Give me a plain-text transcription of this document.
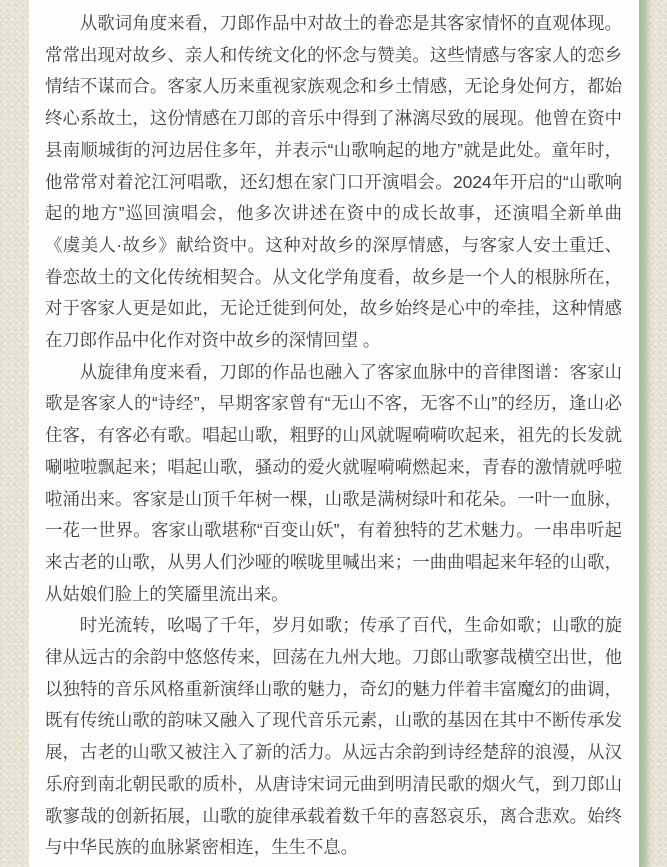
从歌词角度来看，刀郎作品中对故土的眷恋是其客家情怀的直观体现。常常出现对故乡、亲人和传统文化的怀念与赞美。这些情感与客家人的恋乡情结不谋而合。客家人历来重视家族观念和乡土情感，无论身处何方，都始终心系故土，这份情感在刀郎的音乐中得到了淋漓尽致的展现。他曾在资中县南顺城街的河边居住多年，并表示“山歌响起的地方”就是此处。童年时，他常常对着沱江河唱歌，还幻想在家门口开演唱会。2024年开启的“山歌响起的地方”巡回演唱会，他多次讲述在资中的成长故事，还演唱全新单曲《虞美人·故乡》献给资中。这种对故乡的深厚情感，与客家人安土重迁、眷恋故土的文化传统相契合。从文化学角度看，故乡是一个人的根脉所在，对于客家人更是如此，无论迁徙到何处，故乡始终是心中的牵挂，这种情感在刀郎作品中化作对资中故乡的深情回望 。

从旋律角度来看，刀郎的作品也融入了客家血脉中的音律图谱：客家山歌是客家人的“诗经”，早期客家曾有“无山不客，无客不山”的经历，逢山必住客，有客必有歌。唱起山歌，粗野的山风就喔嗬嗬吹起来，祖先的长发就唰啦啦飘起来；唱起山歌，骚动的爱火就喔嗬嗬燃起来，青春的激情就呼啦啦涌出来。客家是山顶千年树一棵，山歌是满树绿叶和花朵。一叶一血脉，一花一世界。客家山歌堪称“百变山妖”，有着独特的艺术魅力。一串串听起来古老的山歌，从男人们沙哑的喉咙里喊出来；一曲曲唱起来年轻的山歌，从姑娘们脸上的笑靥里流出来。

时光流转，吆喝了千年，岁月如歌；传承了百代，生命如歌；山歌的旋律从远古的余韵中悠悠传来，回荡在九州大地。刀郎山歌寥哉横空出世，他以独特的音乐风格重新演绎山歌的魅力，奇幻的魅力伴着丰富魔幻的曲调，既有传统山歌的韵味又融入了现代音乐元素，山歌的基因在其中不断传承发展，古老的山歌又被注入了新的活力。从远古余韵到诗经楚辞的浪漫，从汉乐府到南北朝民歌的质朴，从唐诗宋词元曲到明清民歌的烟火气，到刀郎山歌寥哉的创新拓展，山歌的旋律承载着数千年的喜怒哀乐，离合悲欢。始终与中华民族的血脉紧密相连，生生不息。
